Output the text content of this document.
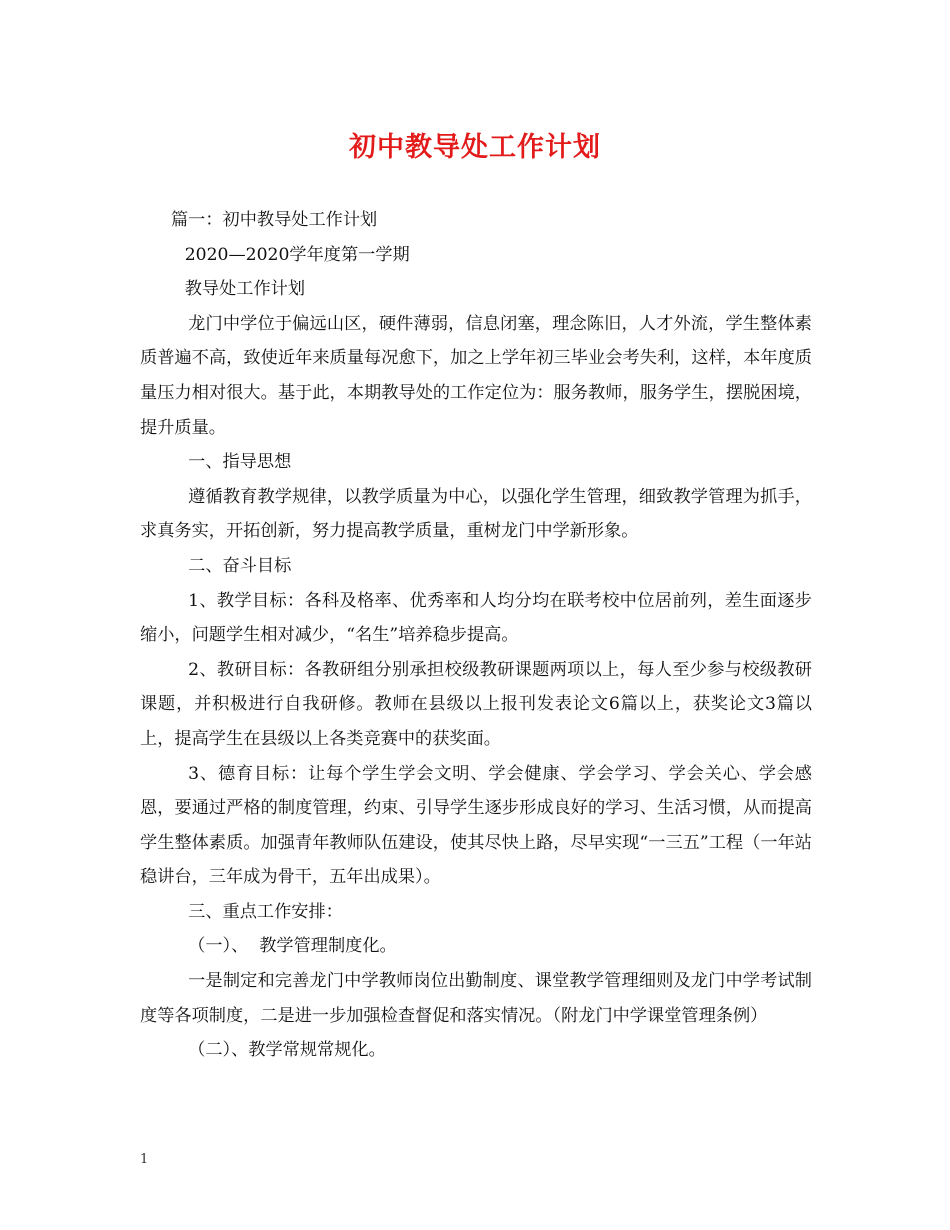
初中教导处工作计划

篇一：初中教导处工作计划

2020—2020学年度第一学期

教导处工作计划

龙门中学位于偏远山区，硬件薄弱，信息闭塞，理念陈旧，人才外流，学生整体素质普遍不高，致使近年来质量每况愈下，加之上学年初三毕业会考失利，这样，本年度质量压力相对很大。基于此，本期教导处的工作定位为：服务教师，服务学生，摆脱困境，提升质量。

一、指导思想

遵循教育教学规律，以教学质量为中心，以强化学生管理，细致教学管理为抓手，求真务实，开拓创新，努力提高教学质量，重树龙门中学新形象。

二、奋斗目标

1、教学目标：各科及格率、优秀率和人均分均在联考校中位居前列，差生面逐步缩小，问题学生相对减少，“名生”培养稳步提高。

2、教研目标：各教研组分别承担校级教研课题两项以上，每人至少参与校级教研课题，并积极进行自我研修。教师在县级以上报刊发表论文6篇以上，获奖论文3篇以上，提高学生在县级以上各类竞赛中的获奖面。

3、德育目标：让每个学生学会文明、学会健康、学会学习、学会关心、学会感恩，要通过严格的制度管理，约束、引导学生逐步形成良好的学习、生活习惯，从而提高学生整体素质。加强青年教师队伍建设，使其尽快上路，尽早实现“一三五”工程（一年站稳讲台，三年成为骨干，五年出成果）。

三、重点工作安排：

（一）、  教学管理制度化。

一是制定和完善龙门中学教师岗位出勤制度、课堂教学管理细则及龙门中学考试制度等各项制度，二是进一步加强检查督促和落实情况。（附龙门中学课堂管理条例）

（二）、教学常规常规化。

1
